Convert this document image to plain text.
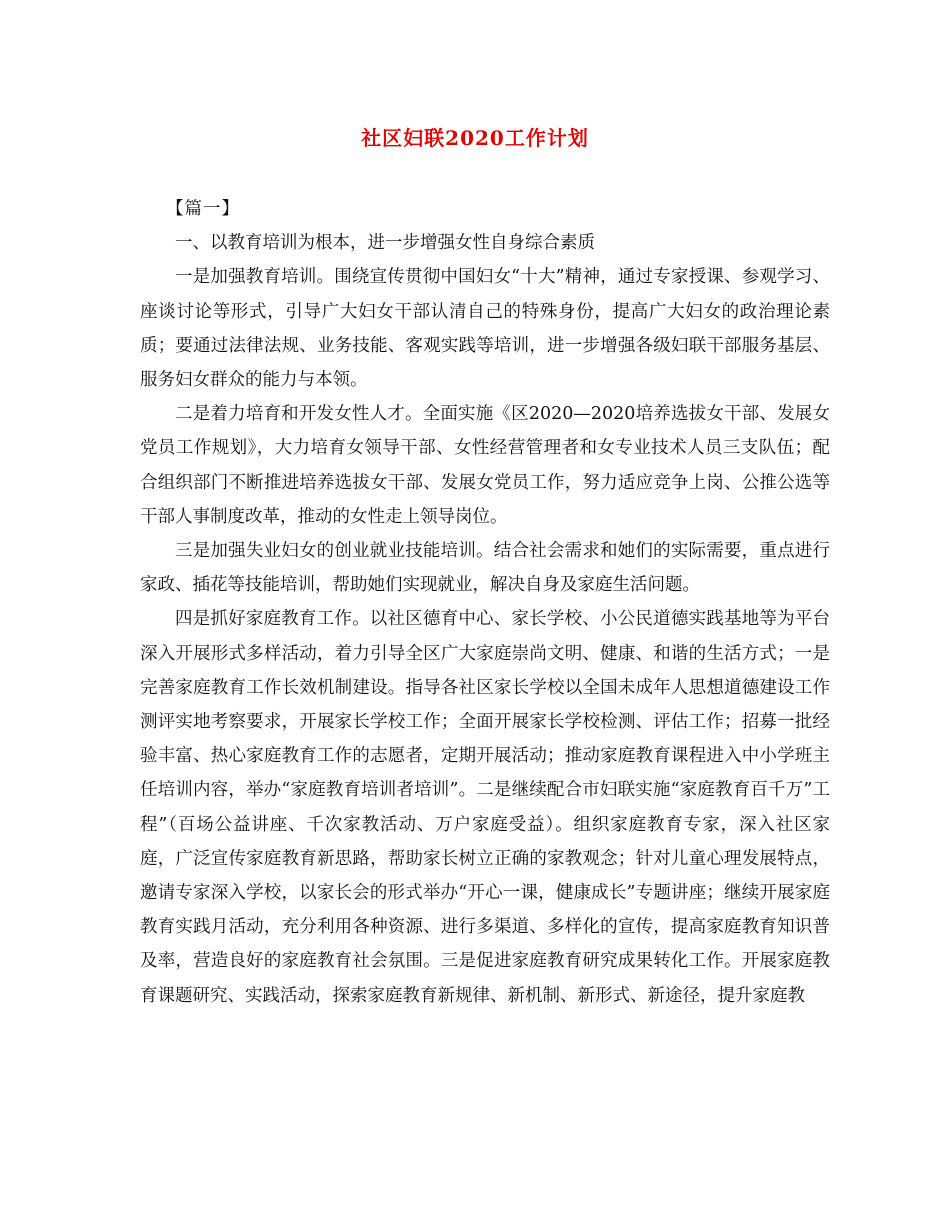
社区妇联2020工作计划
【篇一】

一、以教育培训为根本，进一步增强女性自身综合素质

一是加强教育培训。围绕宣传贯彻中国妇女“十大”精神，通过专家授课、参观学习、座谈讨论等形式，引导广大妇女干部认清自己的特殊身份，提高广大妇女的政治理论素质；要通过法律法规、业务技能、客观实践等培训，进一步增强各级妇联干部服务基层、服务妇女群众的能力与本领。

二是着力培育和开发女性人才。全面实施《区2020—2020培养选拔女干部、发展女党员工作规划》，大力培育女领导干部、女性经营管理者和女专业技术人员三支队伍；配合组织部门不断推进培养选拔女干部、发展女党员工作，努力适应竞争上岗、公推公选等干部人事制度改革，推动的女性走上领导岗位。

三是加强失业妇女的创业就业技能培训。结合社会需求和她们的实际需要，重点进行家政、插花等技能培训，帮助她们实现就业，解决自身及家庭生活问题。

四是抓好家庭教育工作。以社区德育中心、家长学校、小公民道德实践基地等为平台深入开展形式多样活动，着力引导全区广大家庭崇尚文明、健康、和谐的生活方式；一是完善家庭教育工作长效机制建设。指导各社区家长学校以全国未成年人思想道德建设工作测评实地考察要求，开展家长学校工作；全面开展家长学校检测、评估工作；招募一批经验丰富、热心家庭教育工作的志愿者，定期开展活动；推动家庭教育课程进入中小学班主任培训内容，举办“家庭教育培训者培训”。二是继续配合市妇联实施“家庭教育百千万”工程”（百场公益讲座、千次家教活动、万户家庭受益）。组织家庭教育专家，深入社区家庭，广泛宣传家庭教育新思路，帮助家长树立正确的家教观念；针对儿童心理发展特点，邀请专家深入学校，以家长会的形式举办“开心一课，健康成长”专题讲座；继续开展家庭教育实践月活动，充分利用各种资源、进行多渠道、多样化的宣传，提高家庭教育知识普及率，营造良好的家庭教育社会氛围。三是促进家庭教育研究成果转化工作。开展家庭教育课题研究、实践活动，探索家庭教育新规律、新机制、新形式、新途径，提升家庭教
